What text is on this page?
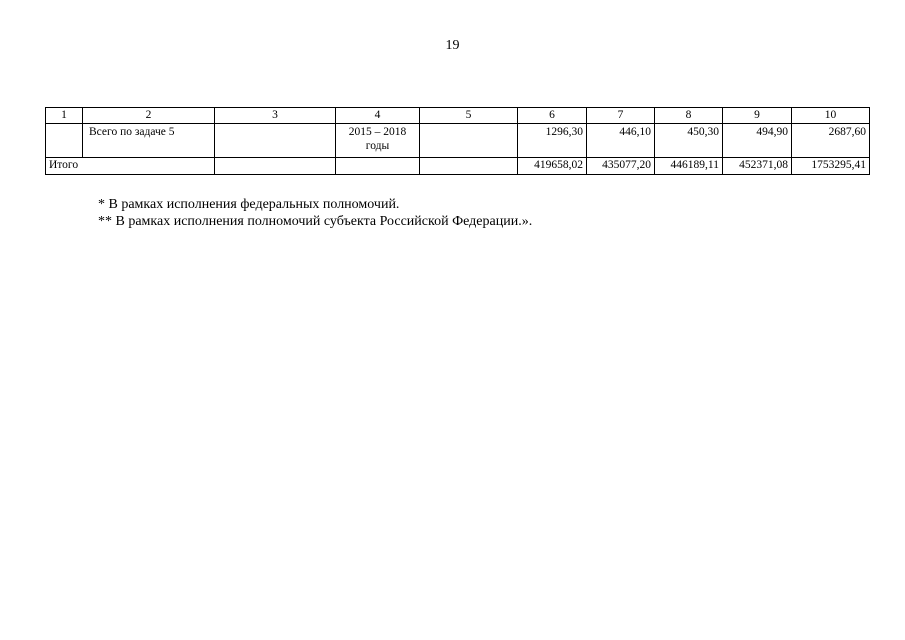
19
1	2	3	4	5	6	7	8	9	10
	Всего по задаче 5		2015 – 2018 годы		1296,30	446,10	450,30	494,90	2687,60
Итого					419658,02	435077,20	446189,11	452371,08	1753295,41
* В рамках исполнения федеральных полномочий.
** В рамках исполнения полномочий субъекта Российской Федерации.».
